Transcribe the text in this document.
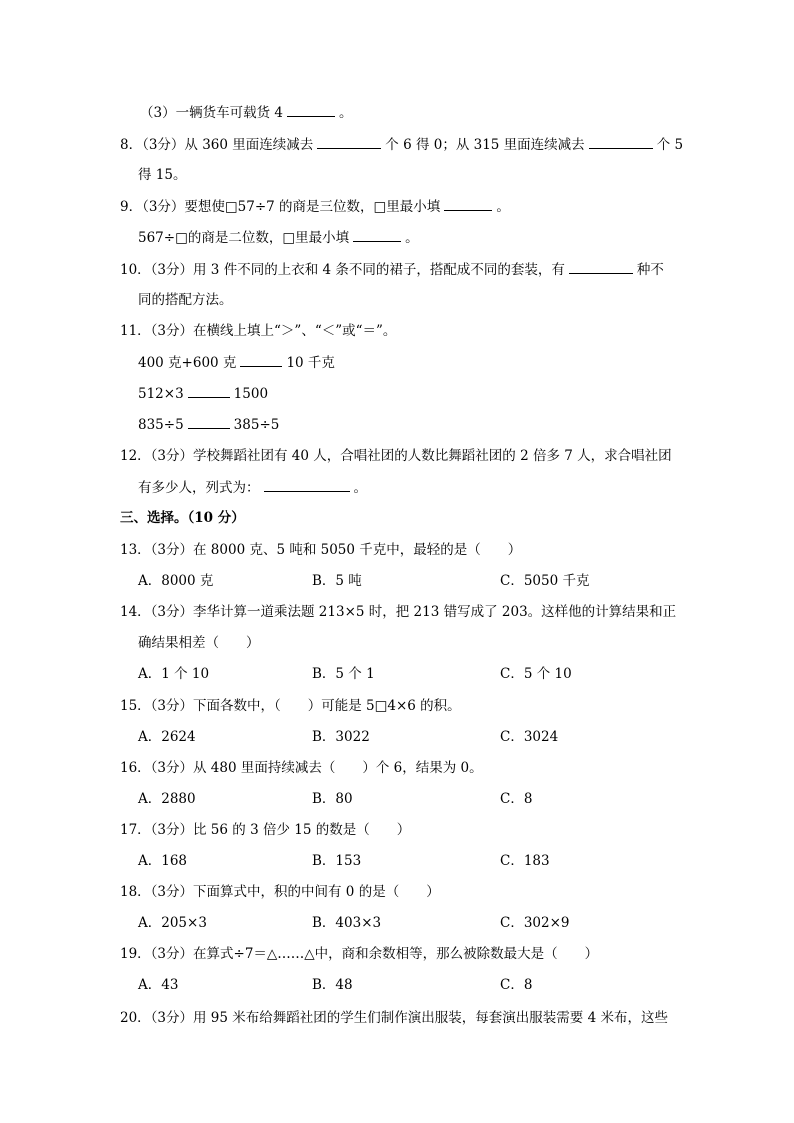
（3）一辆货车可载货 4	。
8．（3分）从 360 里面连续减去	个 6 得 0；从 315 里面连续减去	个 5
得 15。
9．（3分）要想使□57÷7 的商是三位数，□里最小填	。
567÷□的商是二位数，□里最小填	。
10．（3分）用 3 件不同的上衣和 4 条不同的裙子，搭配成不同的套装，有	种不
同的搭配方法。
11．（3分）在横线上填上“＞”、“＜”或“＝”。
400 克+600 克	10 千克
512×3	1500
835÷5	385÷5
12．（3分）学校舞蹈社团有 40 人，合唱社团的人数比舞蹈社团的 2 倍多 7 人，求合唱社团
有多少人，列式为：	。
三、选择。（10 分）
13．（3分）在 8000 克、5 吨和 5050 千克中，最轻的是（　　）
A．8000 克	B．5 吨	C．5050 千克
14．（3分）李华计算一道乘法题 213×5 时，把 213 错写成了 203。这样他的计算结果和正
确结果相差（　　）
A．1 个 10	B．5 个 1	C．5 个 10
15．（3分）下面各数中，（　　）可能是 5□4×6 的积。
A．2624	B．3022	C．3024
16．（3分）从 480 里面持续减去（　　）个 6，结果为 0。
A．2880	B．80	C．8
17．（3分）比 56 的 3 倍少 15 的数是（　　）
A．168	B．153	C．183
18．（3分）下面算式中，积的中间有 0 的是（　　）
A．205×3	B．403×3	C．302×9
19．（3分）在算式÷7＝△……△中，商和余数相等，那么被除数最大是（　　）
A．43	B．48	C．8
20．（3分）用 95 米布给舞蹈社团的学生们制作演出服装，每套演出服装需要 4 米布，这些
